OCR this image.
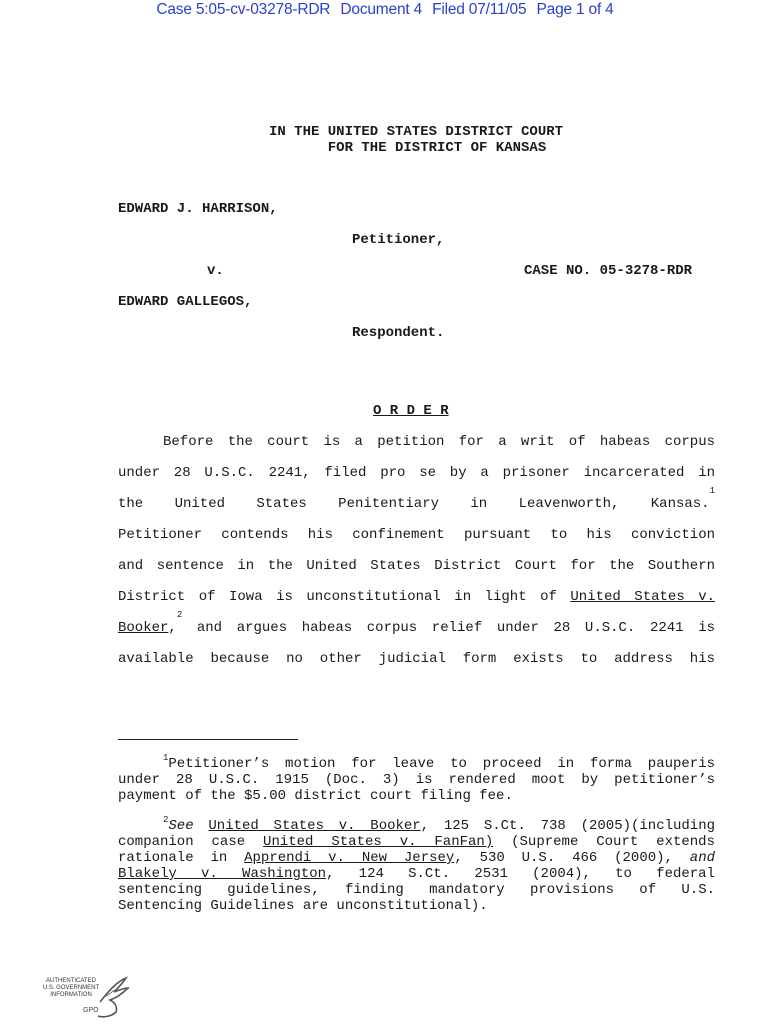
Case 5:05-cv-03278-RDR Document 4 Filed 07/11/05 Page 1 of 4
IN THE UNITED STATES DISTRICT COURT
FOR THE DISTRICT OF KANSAS
EDWARD J. HARRISON,
Petitioner,
v.	CASE NO. 05-3278-RDR
EDWARD GALLEGOS,
Respondent.
O R D E R
Before the court is a petition for a writ of habeas corpus
under 28 U.S.C. 2241, filed pro se by a prisoner incarcerated in
the United States Penitentiary in Leavenworth, Kansas.$^1$
Petitioner contends his confinement pursuant to his conviction
and sentence in the United States District Court for the Southern
District of Iowa is unconstitutional in light of United States v.
Booker,$^2$ and argues habeas corpus relief under 28 U.S.C. 2241 is
available because no other judicial form exists to address his
$^1$Petitioner’s motion for leave to proceed in forma pauperis
under 28 U.S.C. 1915 (Doc. 3) is rendered moot by petitioner’s
payment of the $5.00 district court filing fee.
$^2$See United States v. Booker, 125 S.Ct. 738 (2005)(including
companion case United States v. FanFan) (Supreme Court extends
rationale in Apprendi v. New Jersey, 530 U.S. 466 (2000), and
Blakely v. Washington, 124 S.Ct. 2531 (2004), to federal
sentencing guidelines, finding mandatory provisions of U.S.
Sentencing Guidelines are unconstitutional).
AUTHENTICATED
U.S. GOVERNMENT
INFORMATION
GPO
